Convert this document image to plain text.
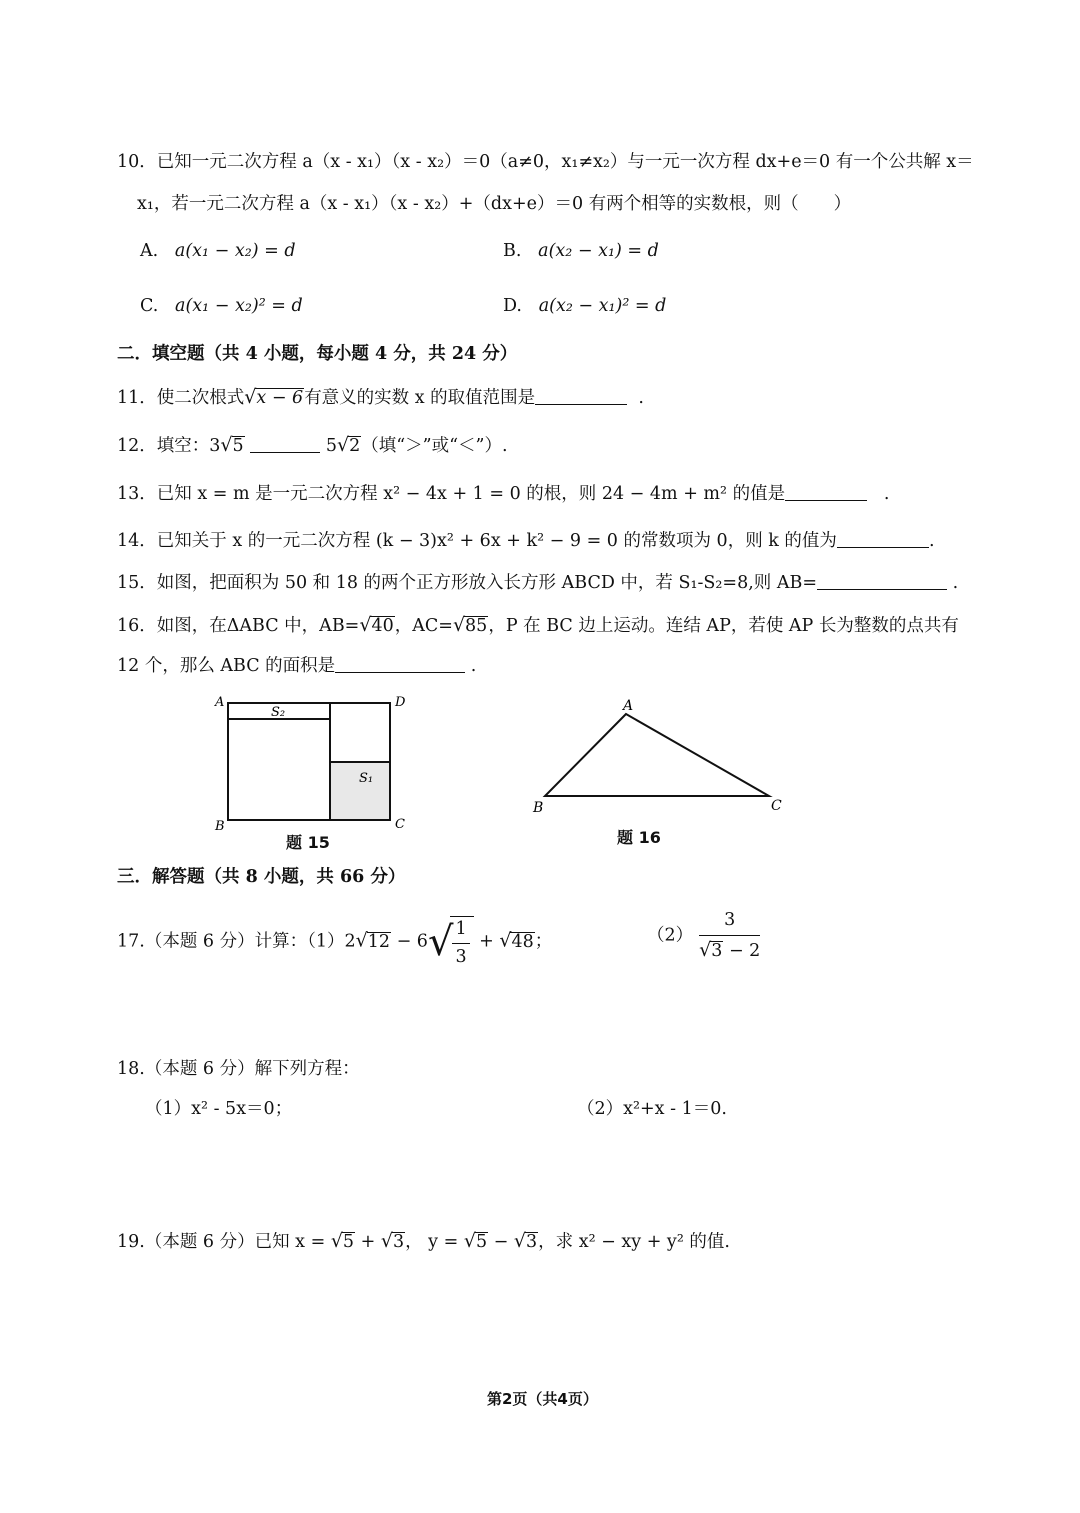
10．已知一元二次方程 a（x - x₁）（x - x₂）＝0（a≠0，x₁≠x₂）与一元一次方程 dx+e＝0 有一个公共解 x＝
x₁，若一元二次方程 a（x - x₁）（x - x₂）+（dx+e）＝0 有两个相等的实数根，则（　　）
A. a(x₁ − x₂) = d	B. a(x₂ − x₁) = d
C. a(x₁ − x₂)² = d	D. a(x₂ − x₁)² = d
二．填空题（共 4 小题，每小题 4 分，共 24 分）
11．使二次根式√x − 6有意义的实数 x 的取值范围是	.
12．填空：3√5	5√2（填“＞”或“＜”）.
13．已知 x = m 是一元二次方程 x² − 4x + 1 = 0 的根，则 24 − 4m + m² 的值是	.
14．已知关于 x 的一元二次方程 (k − 3)x² + 6x + k² − 9 = 0 的常数项为 0，则 k 的值为	.
15．如图，把面积为 50 和 18 的两个正方形放入长方形 ABCD 中，若 S₁-S₂=8,则 AB=	.
16．如图，在ΔABC 中，AB=√40，AC=√85，P 在 BC 边上运动。连结 AP，若使 AP 长为整数的点共有
12 个，那么 ABC 的面积是	.
A	D
B	C
S₂
S₁
题 15
A
B	C
题 16
三．解答题（共 8 小题，共 66 分）
17.（本题 6 分）计算：（1）2√12 − 6√
$\frac{1}{3} + √48$；	$(2) \frac{3}{√3 - 2}$
18.（本题 6 分）解下列方程：
（1）x² - 5x＝0；	（2）x²+x - 1＝0.
19.（本题 6 分）已知 x = √5 + √3， y = √5 − √3，求 x² − xy + y² 的值.
第2页（共4页）
